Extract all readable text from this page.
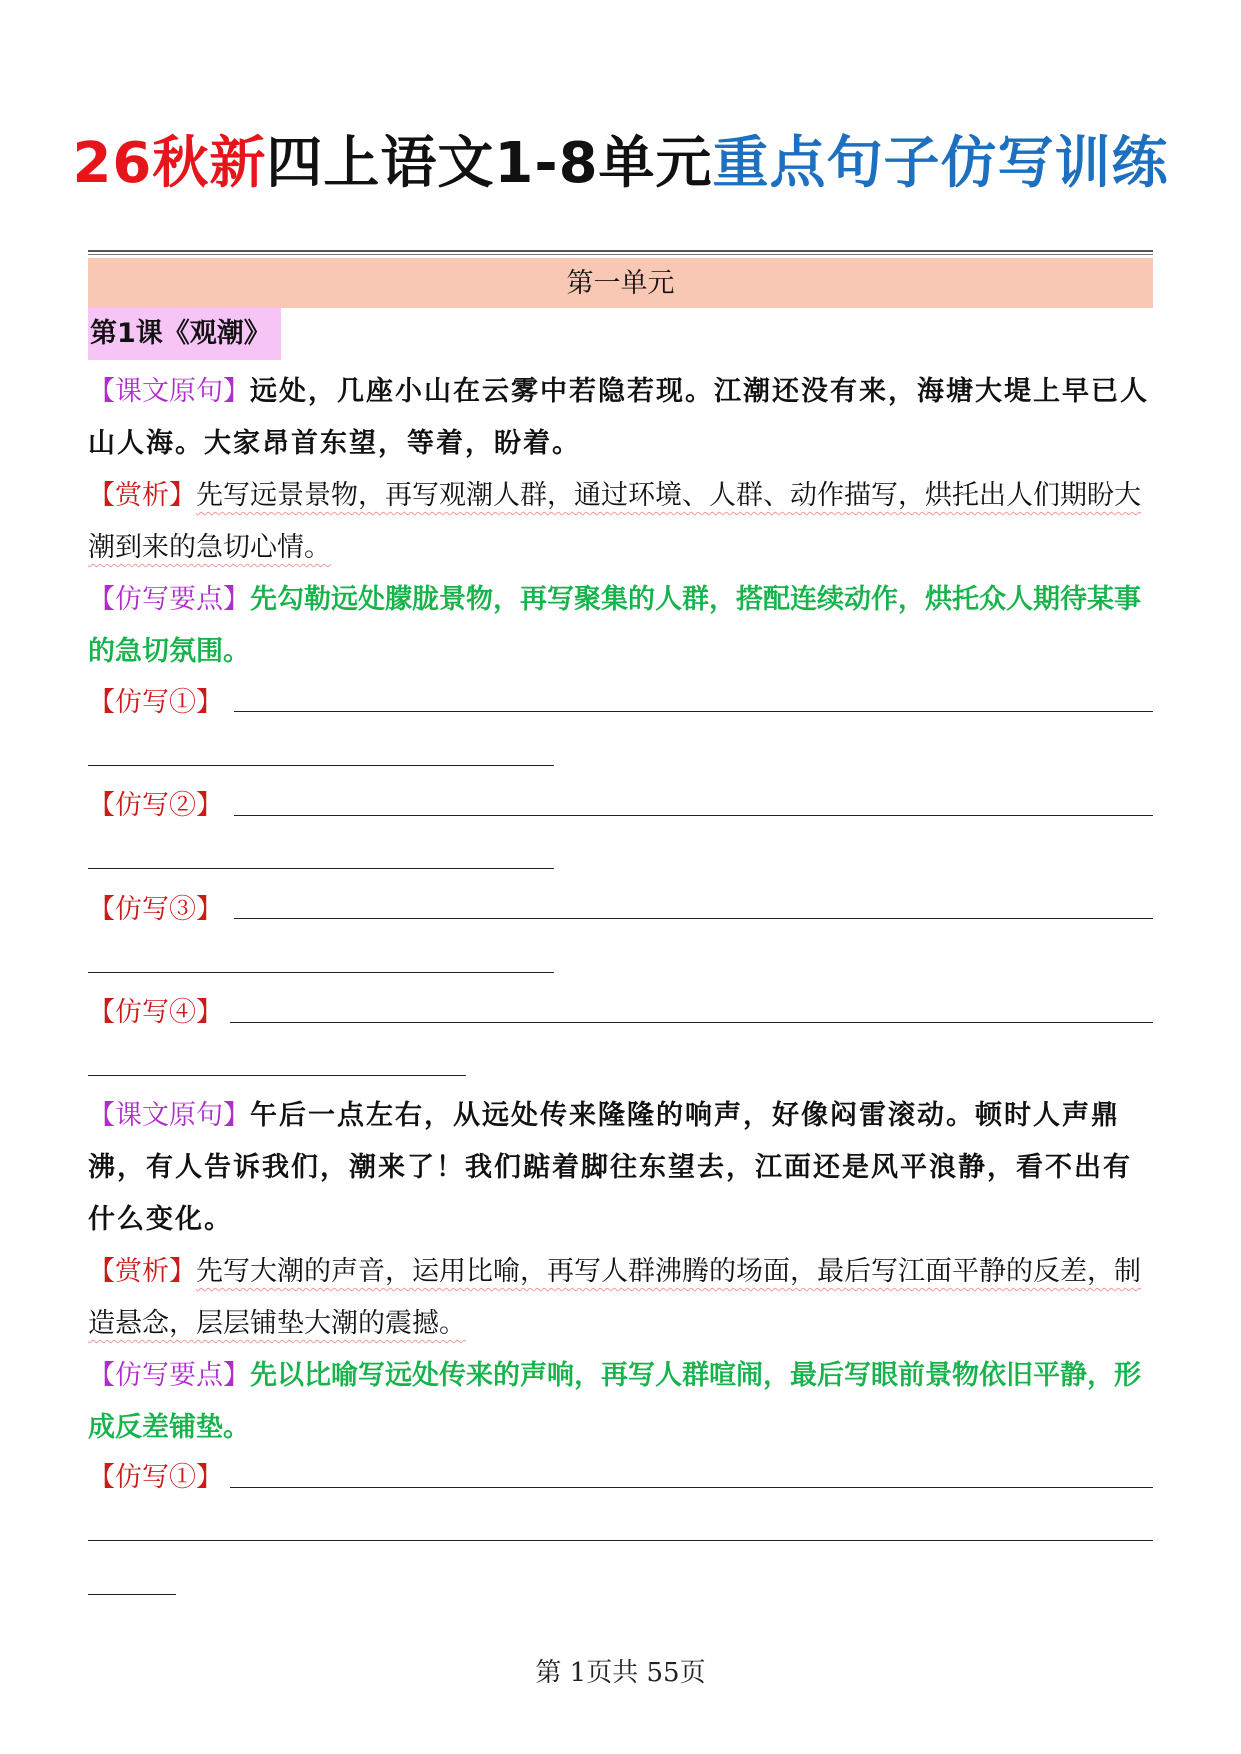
26秋新四上语文1-8单元重点句子仿写训练
第一单元
第1课《观潮》
【课文原句】远处，几座小山在云雾中若隐若现。江潮还没有来，海塘大堤上早已人山人海。大家昂首东望，等着，盼着。
【赏析】先写远景景物，再写观潮人群，通过环境、人群、动作描写，烘托出人们期盼大潮到来的急切心情。
【仿写要点】先勾勒远处朦胧景物，再写聚集的人群，搭配连续动作，烘托众人期待某事的急切氛围。
【仿写①】
【仿写②】
【仿写③】
【仿写④】
【课文原句】午后一点左右，从远处传来隆隆的响声，好像闷雷滚动。顿时人声鼎沸，有人告诉我们，潮来了！我们踮着脚往东望去，江面还是风平浪静，看不出有什么变化。
【赏析】先写大潮的声音，运用比喻，再写人群沸腾的场面，最后写江面平静的反差，制造悬念，层层铺垫大潮的震撼。
【仿写要点】先以比喻写远处传来的声响，再写人群喧闹，最后写眼前景物依旧平静，形成反差铺垫。
【仿写①】
第 1页共 55页
